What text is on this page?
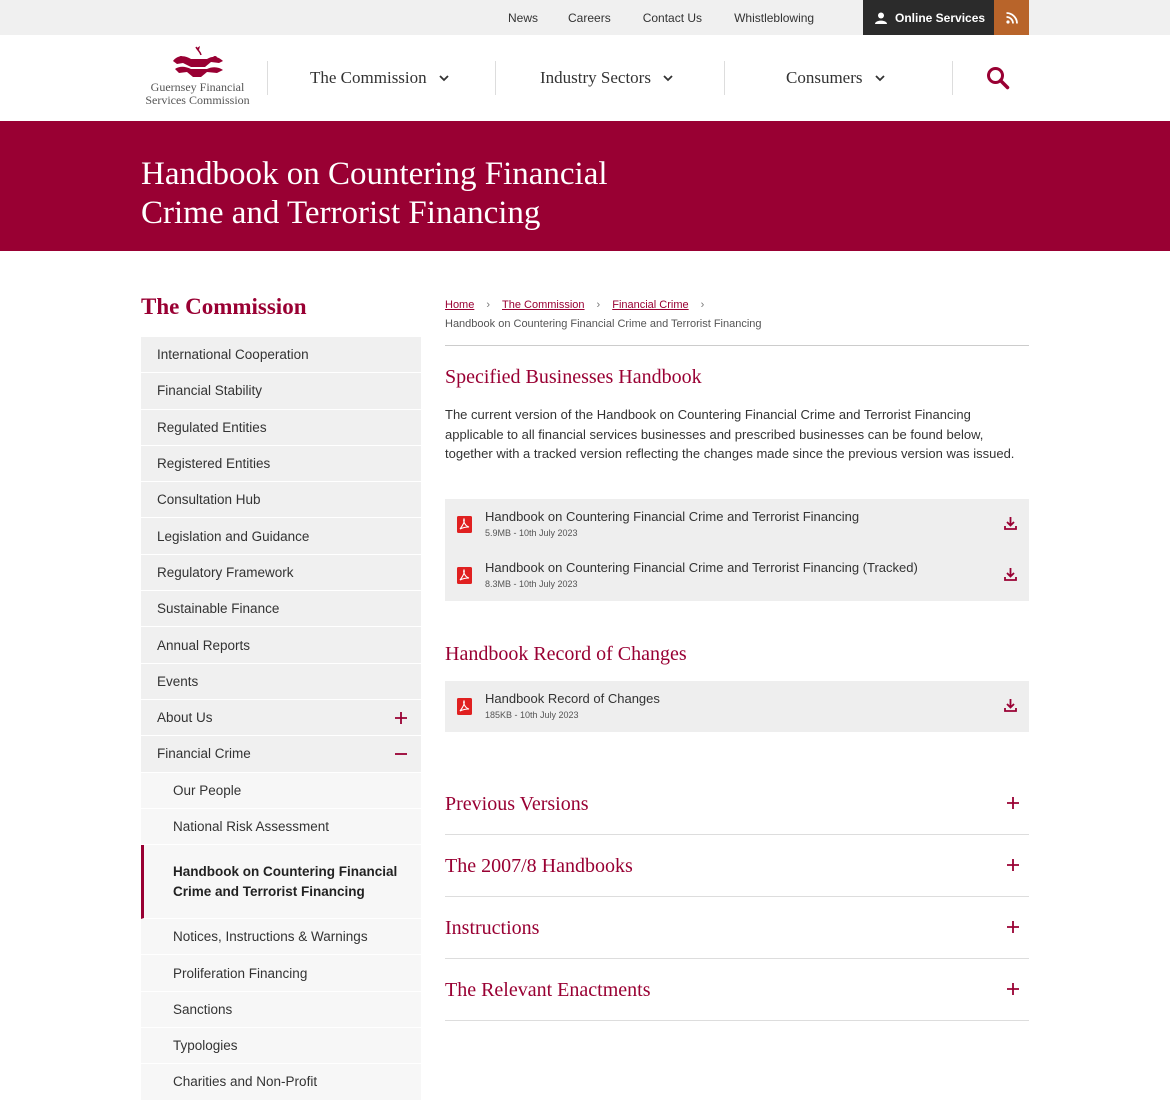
News	Careers	Contact Us	Whistleblowing	Online Services
Guernsey Financial
Services Commission
The Commission	Industry Sectors	Consumers
Handbook on Countering Financial
Crime and Terrorist Financing
The Commission
International Cooperation
Financial Stability
Regulated Entities
Registered Entities
Consultation Hub
Legislation and Guidance
Regulatory Framework
Sustainable Finance
Annual Reports
Events
About Us
Financial Crime
Our People
National Risk Assessment
Handbook on Countering Financial Crime and Terrorist Financing
Notices, Instructions & Warnings
Proliferation Financing
Sanctions
Typologies
Charities and Non-Profit
Home › The Commission › Financial Crime ›
Handbook on Countering Financial Crime and Terrorist Financing
Specified Businesses Handbook
The current version of the Handbook on Countering Financial Crime and Terrorist Financing applicable to all financial services businesses and prescribed businesses can be found below, together with a tracked version reflecting the changes made since the previous version was issued.
Handbook on Countering Financial Crime and Terrorist Financing
5.9MB - 10th July 2023
Handbook on Countering Financial Crime and Terrorist Financing (Tracked)
8.3MB - 10th July 2023
Handbook Record of Changes
Handbook Record of Changes
185KB - 10th July 2023
Previous Versions
The 2007/8 Handbooks
Instructions
The Relevant Enactments
